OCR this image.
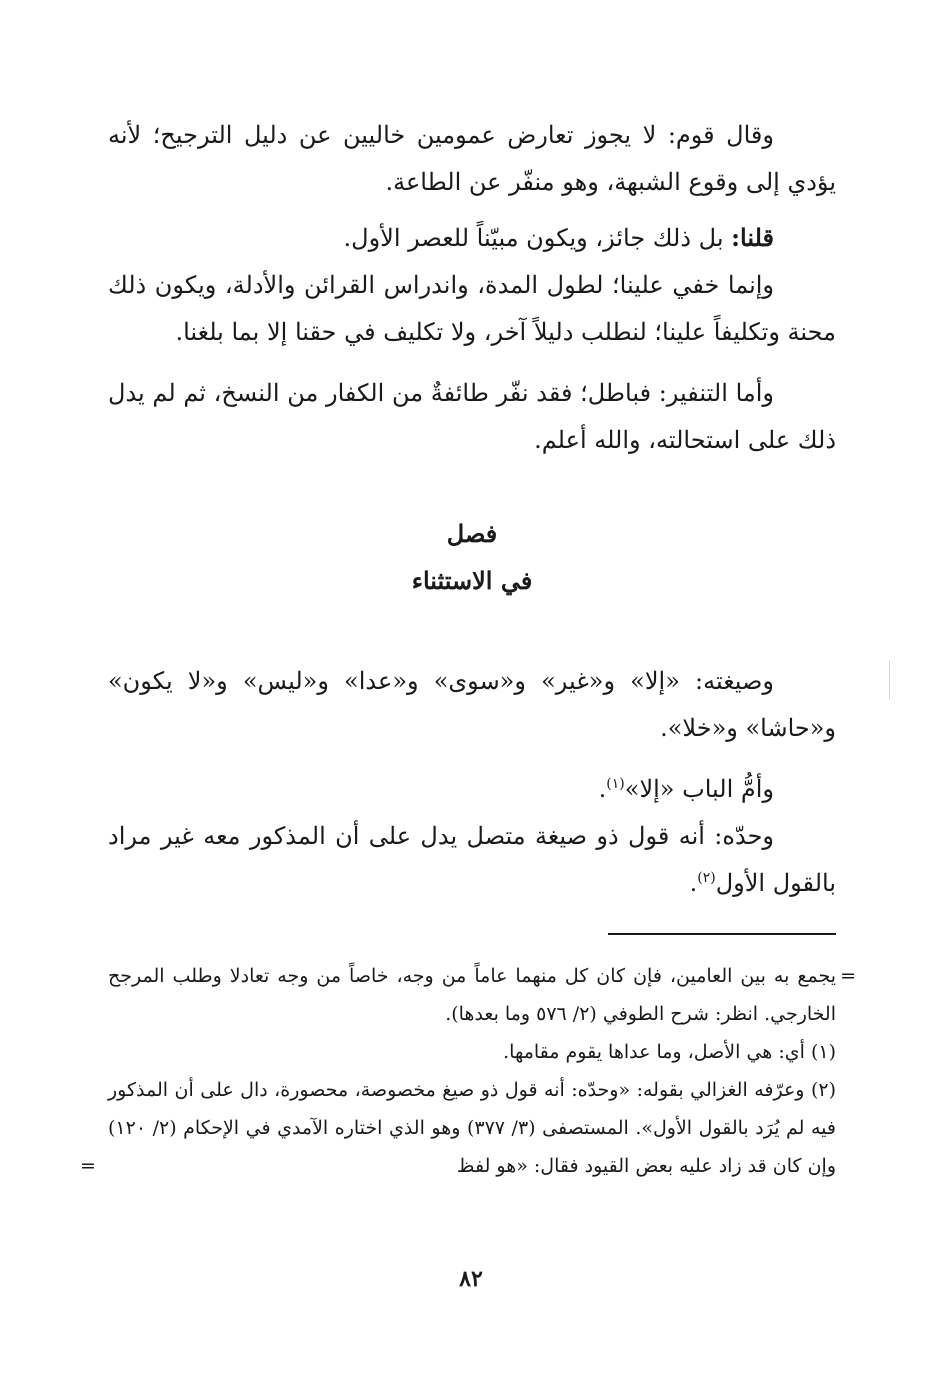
وقال قوم: لا يجوز تعارض عمومين خاليين عن دليل الترجيح؛ لأنه يؤدي إلى وقوع الشبهة، وهو منفّر عن الطاعة.

قلنا: بل ذلك جائز، ويكون مبيّناً للعصر الأول.

وإنما خفي علينا؛ لطول المدة، واندراس القرائن والأدلة، ويكون ذلك محنة وتكليفاً علينا؛ لنطلب دليلاً آخر، ولا تكليف في حقنا إلا بما بلغنا.

وأما التنفير: فباطل؛ فقد نفّر طائفةٌ من الكفار من النسخ، ثم لم يدل ذلك على استحالته، والله أعلم.

فصل

في الاستثناء

وصيغته: «إلا» و«غير» و«سوى» و«عدا» و«ليس» و«لا يكون» و«حاشا» و«خلا».

وأمُّ الباب «إلا»$^{(١)}$.

وحدّه: أنه قول ذو صيغة متصل يدل على أن المذكور معه غير مراد بالقول الأول$^{(٢)}$.

=
يجمع به بين العامين، فإن كان كل منهما عاماً من وجه، خاصاً من وجه تعادلا وطلب المرجح الخارجي. انظر: شرح الطوفي (٢/ ٥٧٦ وما بعدها).

(١) أي: هي الأصل، وما عداها يقوم مقامها.

(٢) وعرّفه الغزالي بقوله: «وحدّه: أنه قول ذو صيغ مخصوصة، محصورة، دال على أن المذكور فيه لم يُرَد بالقول الأول». المستصفى (٣/ ٣٧٧) وهو الذي اختاره الآمدي في الإحكام (٢/ ١٢٠) وإن كان قد زاد عليه بعض القيود فقال: «هو لفظ
=

٨٢
